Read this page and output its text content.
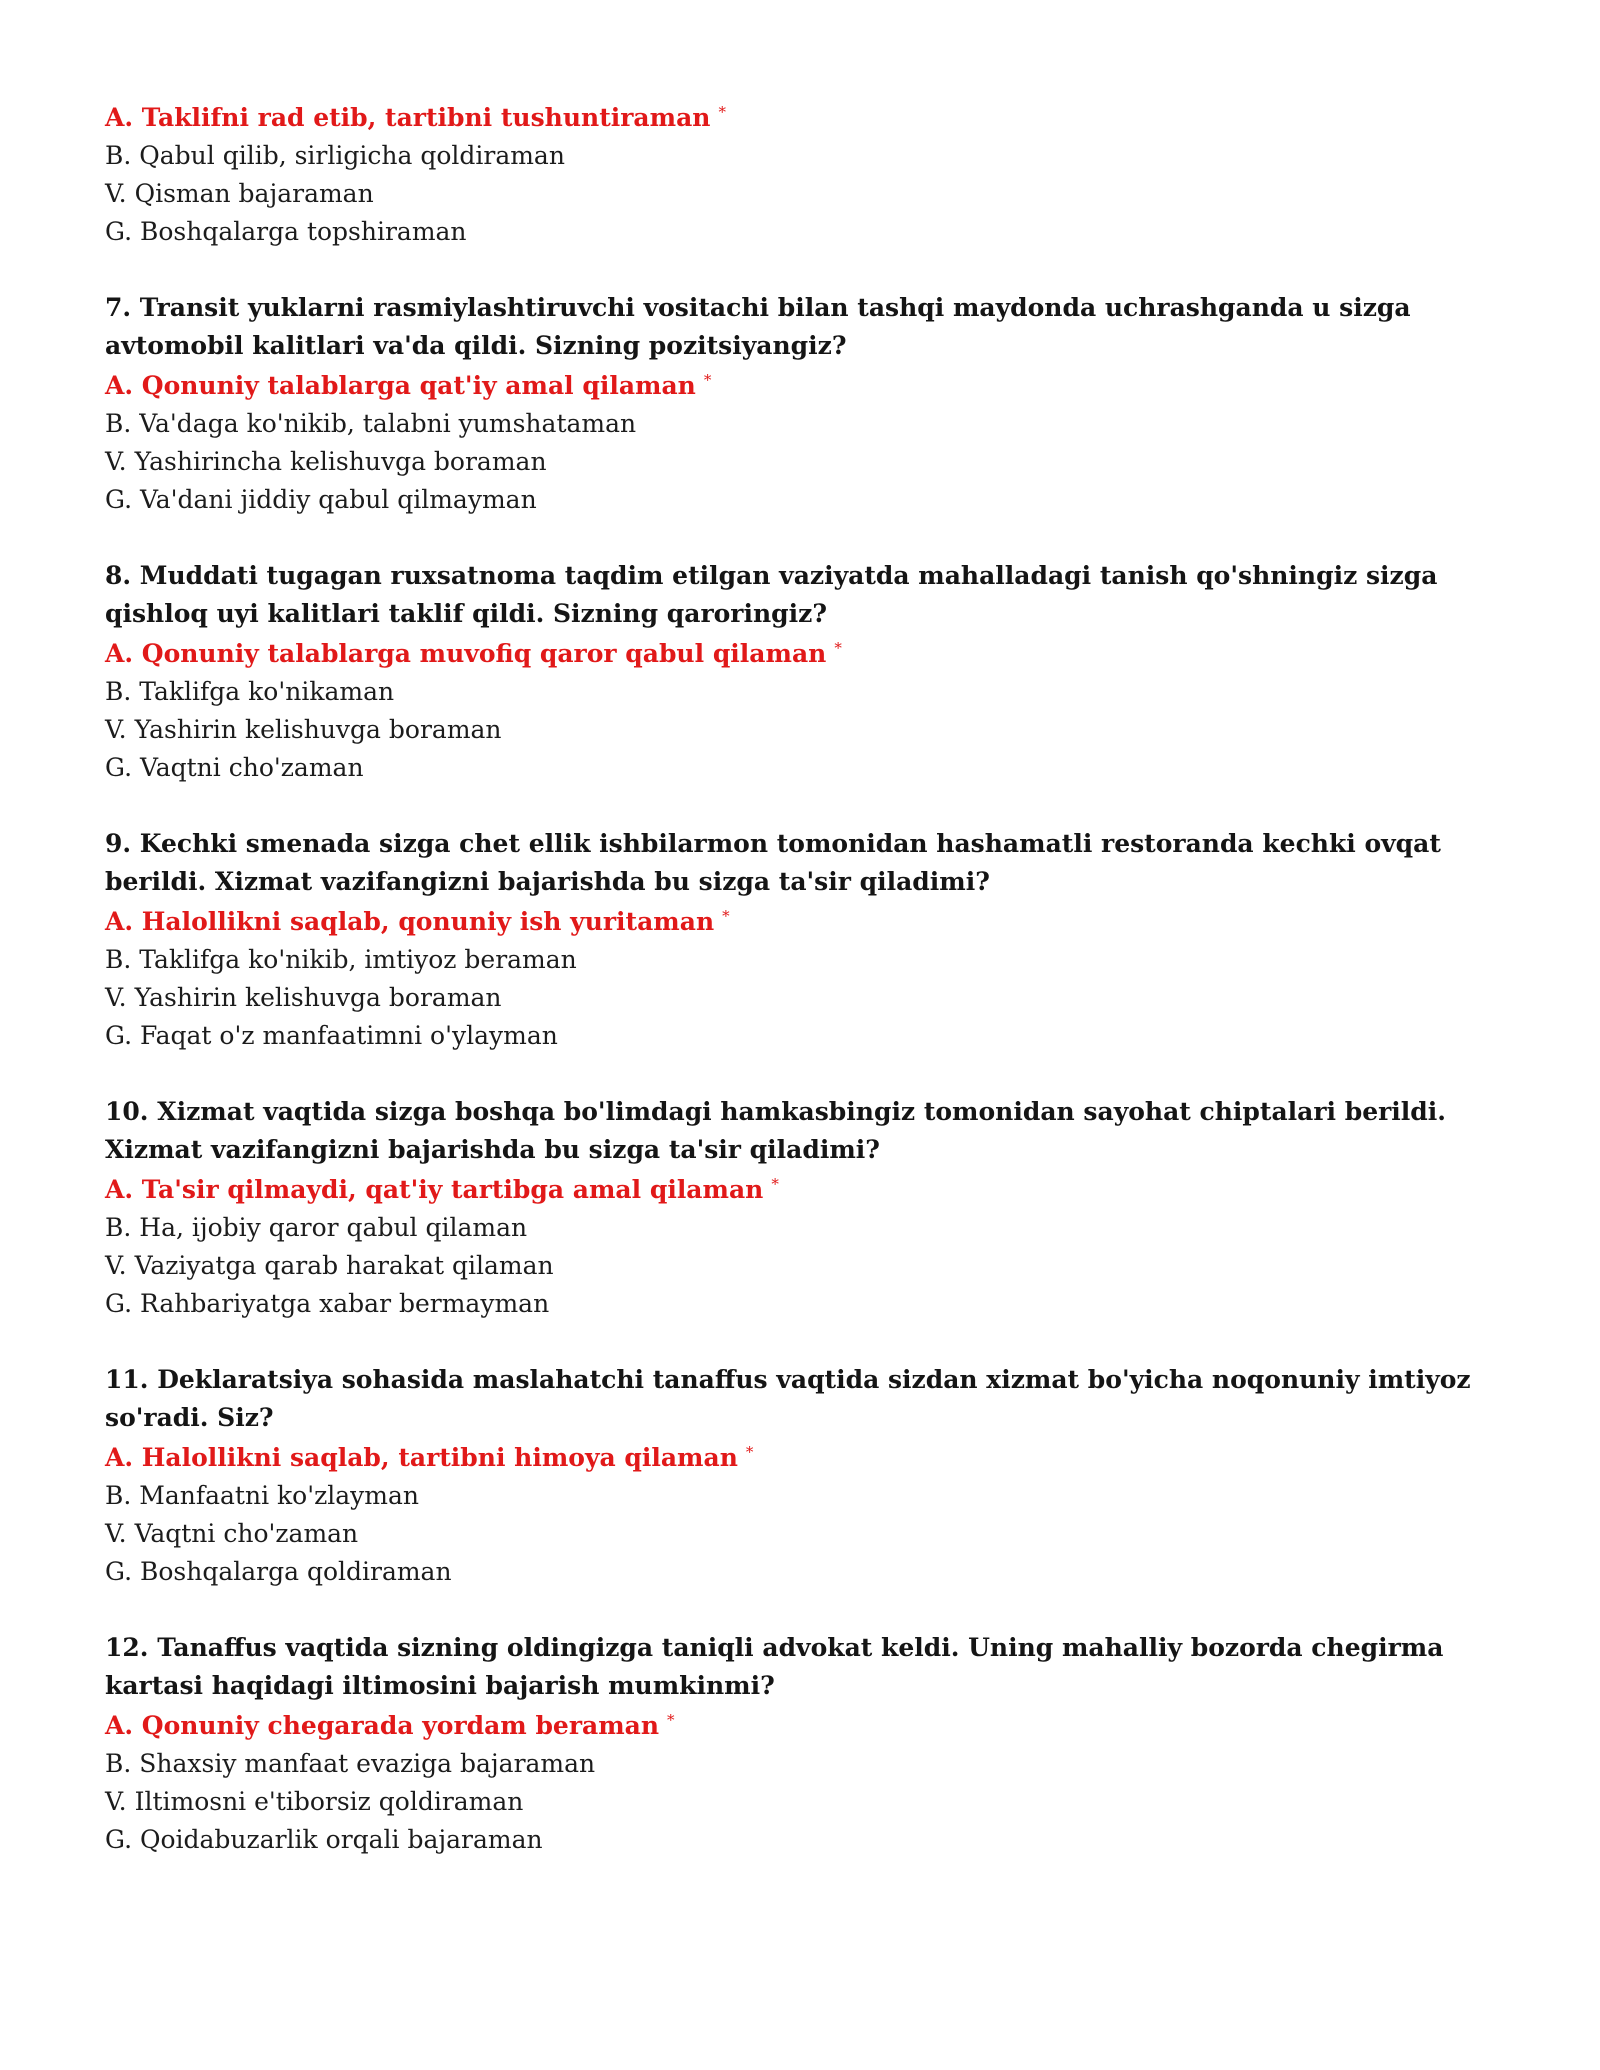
A. Taklifni rad etib, tartibni tushuntiraman *

B. Qabul qilib, sirligicha qoldiraman

V. Qisman bajaraman

G. Boshqalarga topshiraman

7. Transit yuklarni rasmiylashtiruvchi vositachi bilan tashqi maydonda uchrashganda u sizga avtomobil kalitlari va'da qildi. Sizning pozitsiyangiz?

A. Qonuniy talablarga qat'iy amal qilaman *

B. Va'daga ko'nikib, talabni yumshataman

V. Yashirincha kelishuvga boraman

G. Va'dani jiddiy qabul qilmayman

8. Muddati tugagan ruxsatnoma taqdim etilgan vaziyatda mahalladagi tanish qo'shningiz sizga qishloq uyi kalitlari taklif qildi. Sizning qaroringiz?

A. Qonuniy talablarga muvofiq qaror qabul qilaman *

B. Taklifga ko'nikaman

V. Yashirin kelishuvga boraman

G. Vaqtni cho'zaman

9. Kechki smenada sizga chet ellik ishbilarmon tomonidan hashamatli restoranda kechki ovqat berildi. Xizmat vazifangizni bajarishda bu sizga ta'sir qiladimi?

A. Halollikni saqlab, qonuniy ish yuritaman *

B. Taklifga ko'nikib, imtiyoz beraman

V. Yashirin kelishuvga boraman

G. Faqat o'z manfaatimni o'ylayman

10. Xizmat vaqtida sizga boshqa bo'limdagi hamkasbingiz tomonidan sayohat chiptalari berildi. Xizmat vazifangizni bajarishda bu sizga ta'sir qiladimi?

A. Ta'sir qilmaydi, qat'iy tartibga amal qilaman *

B. Ha, ijobiy qaror qabul qilaman

V. Vaziyatga qarab harakat qilaman

G. Rahbariyatga xabar bermayman

11. Deklaratsiya sohasida maslahatchi tanaffus vaqtida sizdan xizmat bo'yicha noqonuniy imtiyoz so'radi. Siz?

A. Halollikni saqlab, tartibni himoya qilaman *

B. Manfaatni ko'zlayman

V. Vaqtni cho'zaman

G. Boshqalarga qoldiraman

12. Tanaffus vaqtida sizning oldingizga taniqli advokat keldi. Uning mahalliy bozorda chegirma kartasi haqidagi iltimosini bajarish mumkinmi?

A. Qonuniy chegarada yordam beraman *

B. Shaxsiy manfaat evaziga bajaraman

V. Iltimosni e'tiborsiz qoldiraman

G. Qoidabuzarlik orqali bajaraman
